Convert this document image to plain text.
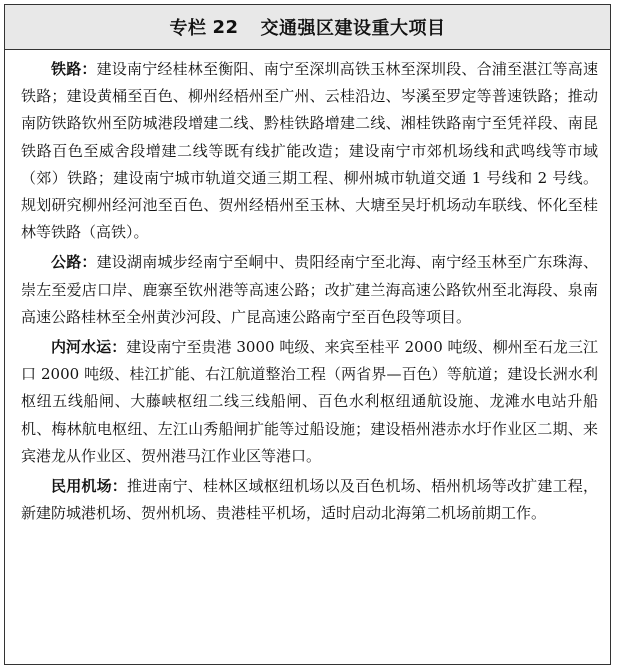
专栏 22 交通强区建设重大项目

铁路：建设南宁经桂林至衡阳、南宁至深圳高铁玉林至深圳段、合浦至湛江等高速铁路；建设黄桶至百色、柳州经梧州至广州、云桂沿边、岑溪至罗定等普速铁路；推动南防铁路钦州至防城港段增建二线、黔桂铁路增建二线、湘桂铁路南宁至凭祥段、南昆铁路百色至威舍段增建二线等既有线扩能改造；建设南宁市郊机场线和武鸣线等市域（郊）铁路；建设南宁城市轨道交通三期工程、柳州城市轨道交通 1 号线和 2 号线。规划研究柳州经河池至百色、贺州经梧州至玉林、大塘至吴圩机场动车联线、怀化至桂林等铁路（高铁）。

公路：建设湖南城步经南宁至峒中、贵阳经南宁至北海、南宁经玉林至广东珠海、崇左至爱店口岸、鹿寨至钦州港等高速公路；改扩建兰海高速公路钦州至北海段、泉南高速公路桂林至全州黄沙河段、广昆高速公路南宁至百色段等项目。

内河水运：建设南宁至贵港 3000 吨级、来宾至桂平 2000 吨级、柳州至石龙三江口 2000 吨级、桂江扩能、右江航道整治工程（两省界—百色）等航道；建设长洲水利枢纽五线船闸、大藤峡枢纽二线三线船闸、百色水利枢纽通航设施、龙滩水电站升船机、梅林航电枢纽、左江山秀船闸扩能等过船设施；建设梧州港赤水圩作业区二期、来宾港龙从作业区、贺州港马江作业区等港口。

民用机场：推进南宁、桂林区域枢纽机场以及百色机场、梧州机场等改扩建工程，新建防城港机场、贺州机场、贵港桂平机场，适时启动北海第二机场前期工作。
